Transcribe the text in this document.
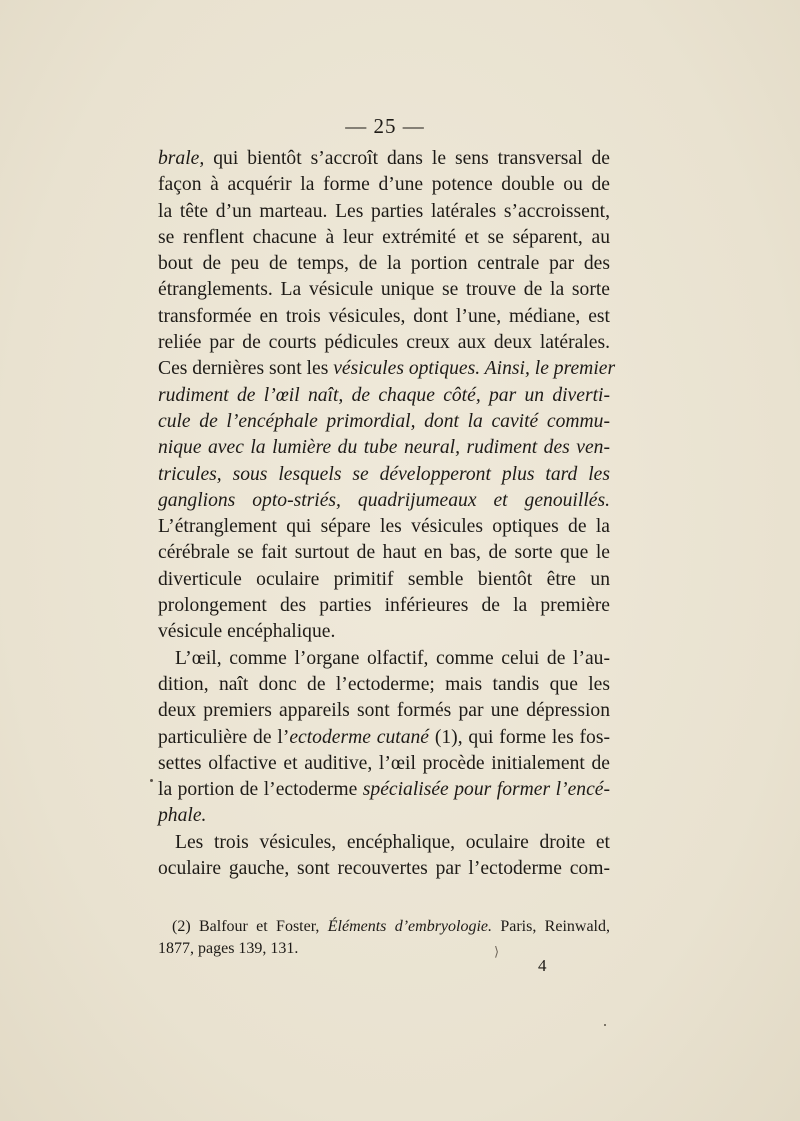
— 25 —
brale, qui bientôt s’accroît dans le sens transversal de
façon à acquérir la forme d’une potence double ou de
la tête d’un marteau. Les parties latérales s’accroissent,
se renflent chacune à leur extrémité et se séparent, au
bout de peu de temps, de la portion centrale par des
étranglements. La vésicule unique se trouve de la sorte
transformée en trois vésicules, dont l’une, médiane, est
reliée par de courts pédicules creux aux deux latérales.
Ces dernières sont les vésicules optiques. Ainsi, le premier
rudiment de l’œil naît, de chaque côté, par un diverti-
cule de l’encéphale primordial, dont la cavité commu-
nique avec la lumière du tube neural, rudiment des ven-
tricules, sous lesquels se développeront plus tard les
ganglions opto-striés, quadrijumeaux et genouillés.
L’étranglement qui sépare les vésicules optiques de la
cérébrale se fait surtout de haut en bas, de sorte que le
diverticule oculaire primitif semble bientôt être un
prolongement des parties inférieures de la première
vésicule encéphalique.
L’œil, comme l’organe olfactif, comme celui de l’au-
dition, naît donc de l’ectoderme; mais tandis que les
deux premiers appareils sont formés par une dépression
particulière de l’ectoderme cutané (1), qui forme les fos-
settes olfactive et auditive, l’œil procède initialement de
la portion de l’ectoderme spécialisée pour former l’encé-
phale.
Les trois vésicules, encéphalique, oculaire droite et
oculaire gauche, sont recouvertes par l’ectoderme com-
(2) Balfour et Foster, Éléments d’embryologie. Paris, Reinwald,
1877, pages 139, 131.	⟩
4
